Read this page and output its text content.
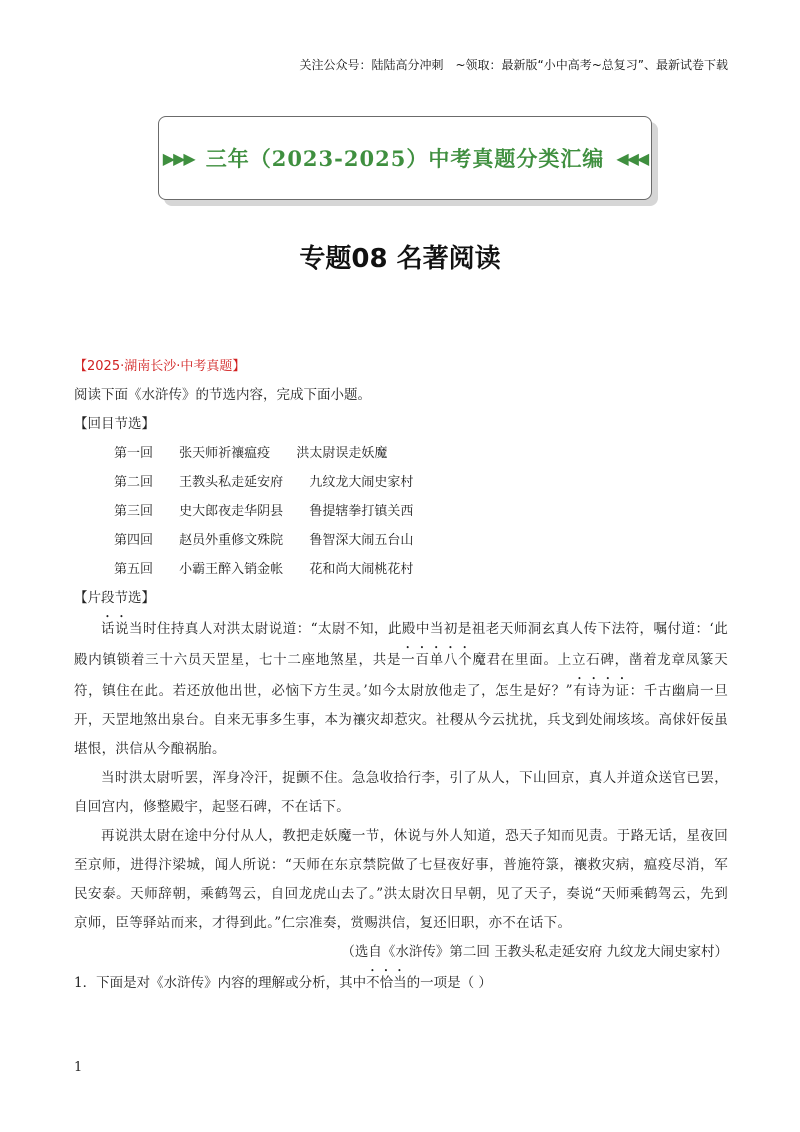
关注公众号：陆陆高分冲刺　~领取：最新版“小中高考~总复习”、最新试卷下载
▶▶▶ 三年（2023-2025）中考真题分类汇编 ◀◀◀
专题08 名著阅读
【2025·湖南长沙·中考真题】
阅读下面《水浒传》的节选内容，完成下面小题。
【回目节选】
第一回 张天师祈禳瘟疫 洪太尉误走妖魔
第二回 王教头私走延安府 九纹龙大闹史家村
第三回 史大郎夜走华阴县 鲁提辖拳打镇关西
第四回 赵员外重修文殊院 鲁智深大闹五台山
第五回 小霸王醉入销金帐 花和尚大闹桃花村
【片段节选】

话说当时住持真人对洪太尉说道：“太尉不知，此殿中当初是祖老天师洞玄真人传下法符，嘱付道：‘此殿内镇锁着三十六员天罡星，七十二座地煞星，共是一百单八个魔君在里面。上立石碑，凿着龙章凤篆天符，镇住在此。若还放他出世，必恼下方生灵。’如今太尉放他走了，怎生是好？”有诗为证：千古幽扃一旦开，天罡地煞出泉台。自来无事多生事，本为禳灾却惹灾。社稷从今云扰扰，兵戈到处闹垓垓。高俅奸佞虽堪恨，洪信从今酿祸胎。

当时洪太尉听罢，浑身冷汗，捉颤不住。急急收拾行李，引了从人，下山回京，真人并道众送官已罢，自回宫内，修整殿宇，起竖石碑，不在话下。

再说洪太尉在途中分付从人，教把走妖魔一节，休说与外人知道，恐天子知而见责。于路无话，星夜回至京师，进得汴梁城，闻人所说：“天师在东京禁院做了七昼夜好事，普施符箓，禳救灾病，瘟疫尽消，军民安泰。天师辞朝，乘鹤驾云，自回龙虎山去了。”洪太尉次日早朝，见了天子，奏说“天师乘鹤驾云，先到京师，臣等驿站而来，才得到此。”仁宗准奏，赏赐洪信，复还旧职，亦不在话下。

（选自《水浒传》第二回 王教头私走延安府 九纹龙大闹史家村）
1．下面是对《水浒传》内容的理解或分析，其中不恰当的一项是（ ）
1
